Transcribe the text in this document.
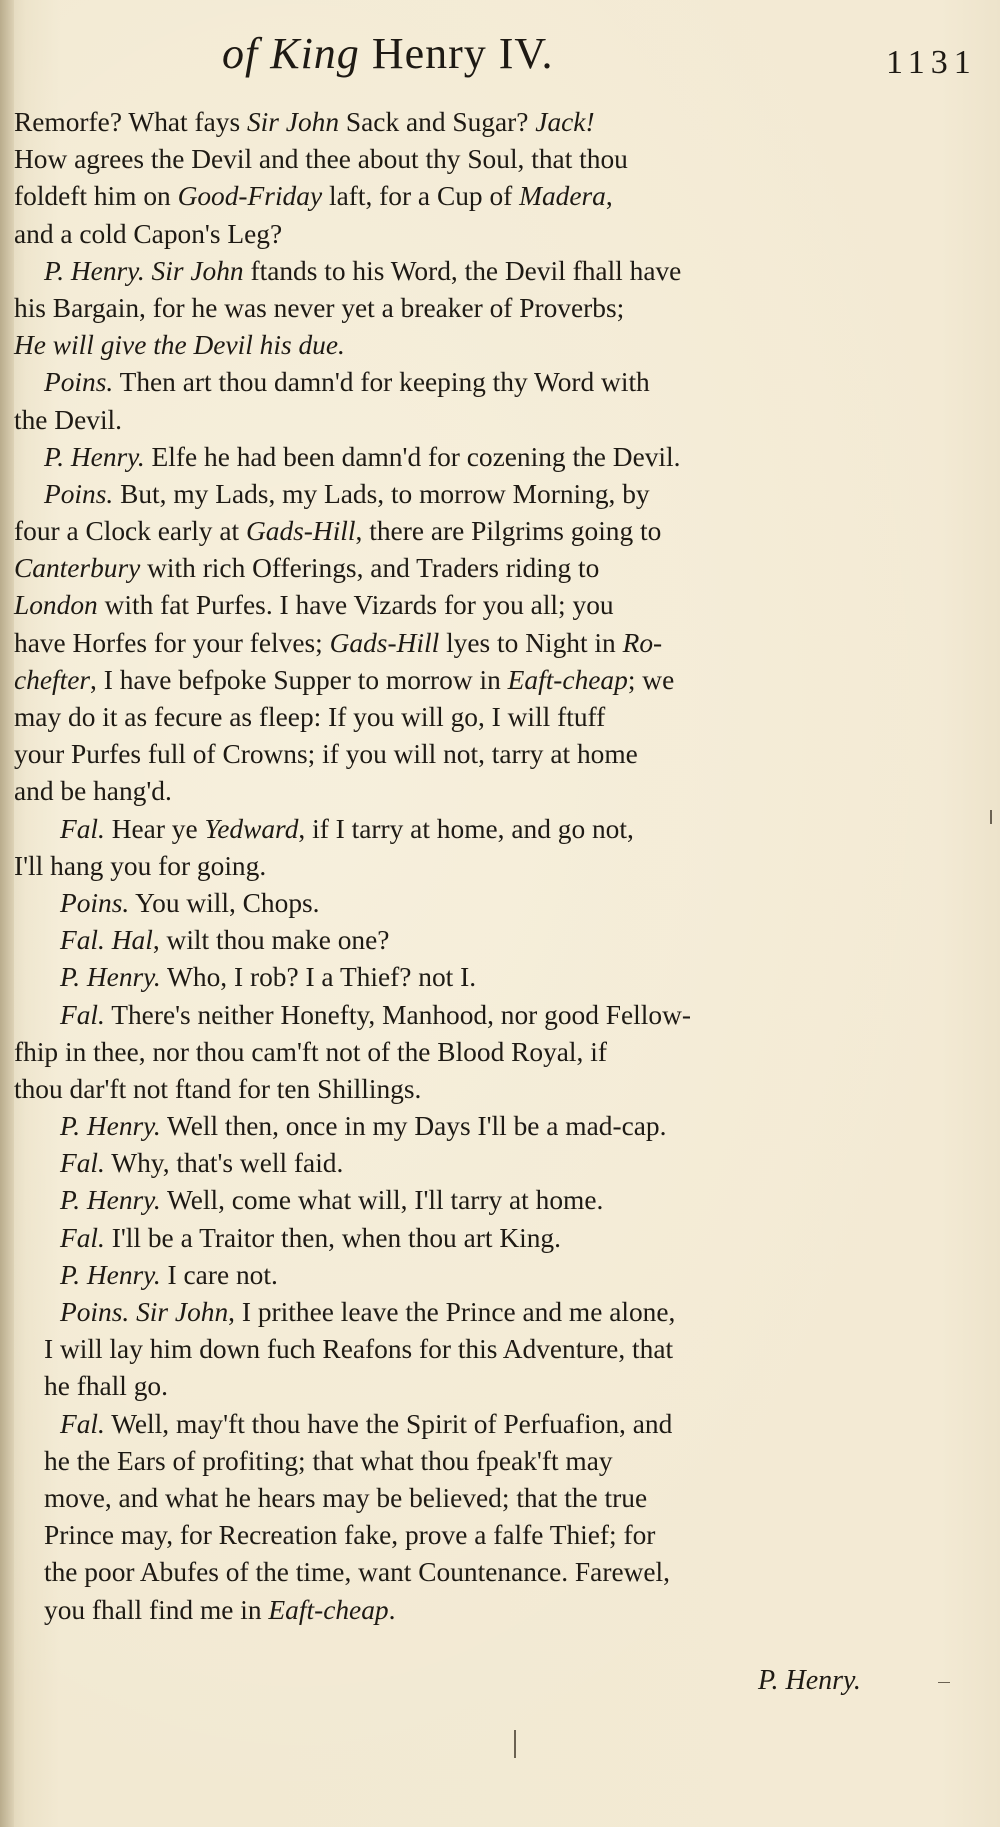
of King Henry IV.	1131
Remorfe? What fays Sir John Sack and Sugar? Jack!
How agrees the Devil and thee about thy Soul, that thou
foldeft him on Good-Friday laft, for a Cup of Madera,
and a cold Capon's Leg?
P. Henry. Sir John ftands to his Word, the Devil fhall have
his Bargain, for he was never yet a breaker of Proverbs;
He will give the Devil his due.
Poins. Then art thou damn'd for keeping thy Word with
the Devil.
P. Henry. Elfe he had been damn'd for cozening the Devil.
Poins. But, my Lads, my Lads, to morrow Morning, by
four a Clock early at Gads-Hill, there are Pilgrims going to
Canterbury with rich Offerings, and Traders riding to
London with fat Purfes. I have Vizards for you all; you
have Horfes for your felves; Gads-Hill lyes to Night in Ro-
chefter, I have befpoke Supper to morrow in Eaft-cheap; we
may do it as fecure as fleep: If you will go, I will ftuff
your Purfes full of Crowns; if you will not, tarry at home
and be hang'd.
Fal. Hear ye Yedward, if I tarry at home, and go not,
I'll hang you for going.
Poins. You will, Chops.
Fal. Hal, wilt thou make one?
P. Henry. Who, I rob? I a Thief? not I.
Fal. There's neither Honefty, Manhood, nor good Fellow-
fhip in thee, nor thou cam'ft not of the Blood Royal, if
thou dar'ft not ftand for ten Shillings.
P. Henry. Well then, once in my Days I'll be a mad-cap.
Fal. Why, that's well faid.
P. Henry. Well, come what will, I'll tarry at home.
Fal. I'll be a Traitor then, when thou art King.
P. Henry. I care not.
Poins. Sir John, I prithee leave the Prince and me alone,
I will lay him down fuch Reafons for this Adventure, that
he fhall go.
Fal. Well, may'ft thou have the Spirit of Perfuafion, and
he the Ears of profiting; that what thou fpeak'ft may
move, and what he hears may be believed; that the true
Prince may, for Recreation fake, prove a falfe Thief; for
the poor Abufes of the time, want Countenance. Farewel,
you fhall find me in Eaft-cheap.
P. Henry.
